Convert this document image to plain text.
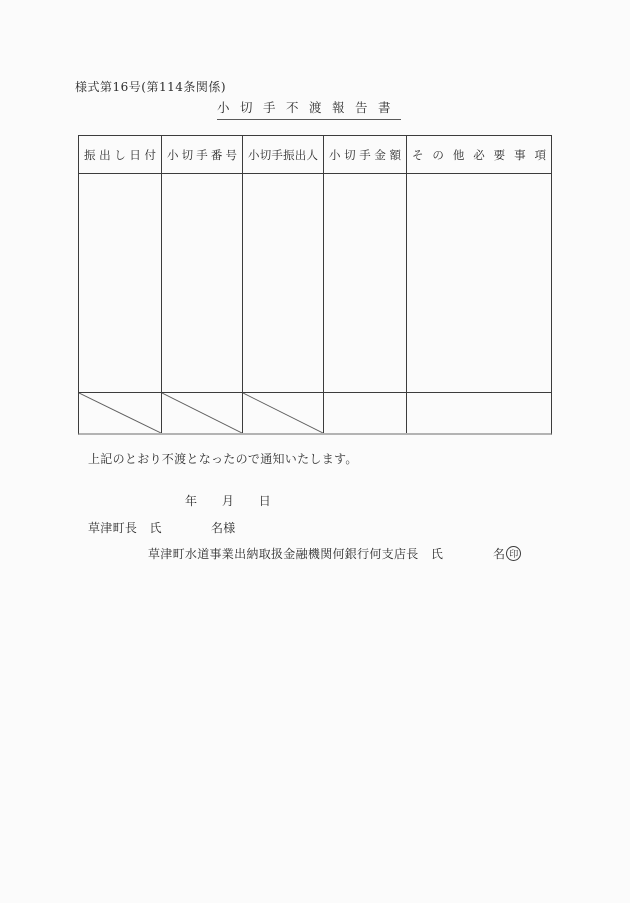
様式第16号(第114条関係)
小切手不渡報告書
振出し日付 小切手番号 小切手振出人 小切手金額 その他必要事項
上記のとおり不渡となったので通知いたします。
年　　月　　日
草津町長　氏　　　　名様
草津町水道事業出納取扱金融機関何銀行何支店長　氏	名 印
